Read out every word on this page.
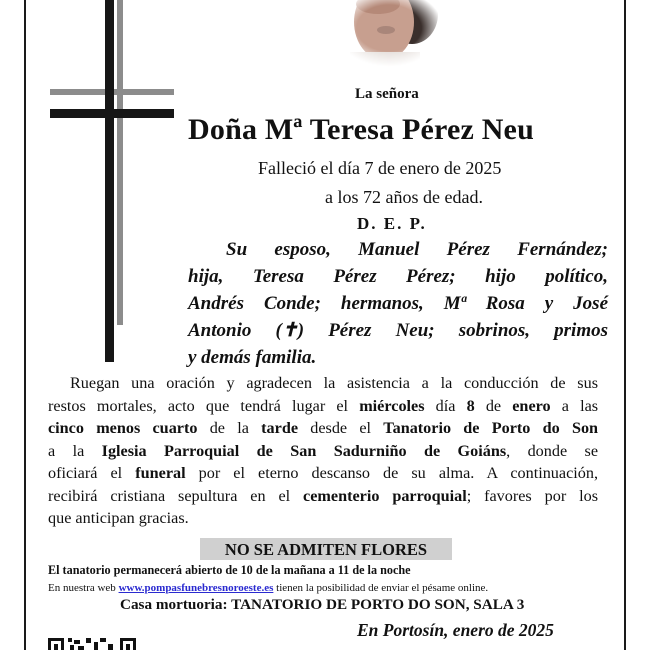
La señora
Doña Mª Teresa Pérez Neu
Falleció el día 7 de enero de 2025
a los 72 años de edad.
D. E. P.
Su esposo, Manuel Pérez Fernández;
hija, Teresa Pérez Pérez; hijo político,
Andrés Conde; hermanos, Mª Rosa y José
Antonio (✝) Pérez Neu; sobrinos, primos
y demás familia.
Ruegan una oración y agradecen la asistencia a la conducción de sus
restos mortales, acto que tendrá lugar el miércoles día 8 de enero a las
cinco menos cuarto de la tarde desde el Tanatorio de Porto do Son
a la Iglesia Parroquial de San Sadurniño de Goiáns, donde se
oficiará el funeral por el eterno descanso de su alma. A continuación,
recibirá cristiana sepultura en el cementerio parroquial; favores por los
que anticipan gracias.
NO SE ADMITEN FLORES
El tanatorio permanecerá abierto de 10 de la mañana a 11 de la noche
En nuestra web www.pompasfunebresnoroeste.es tienen la posibilidad de enviar el pésame online.
Casa mortuoria: TANATORIO DE PORTO DO SON, SALA 3
En Portosín, enero de 2025
